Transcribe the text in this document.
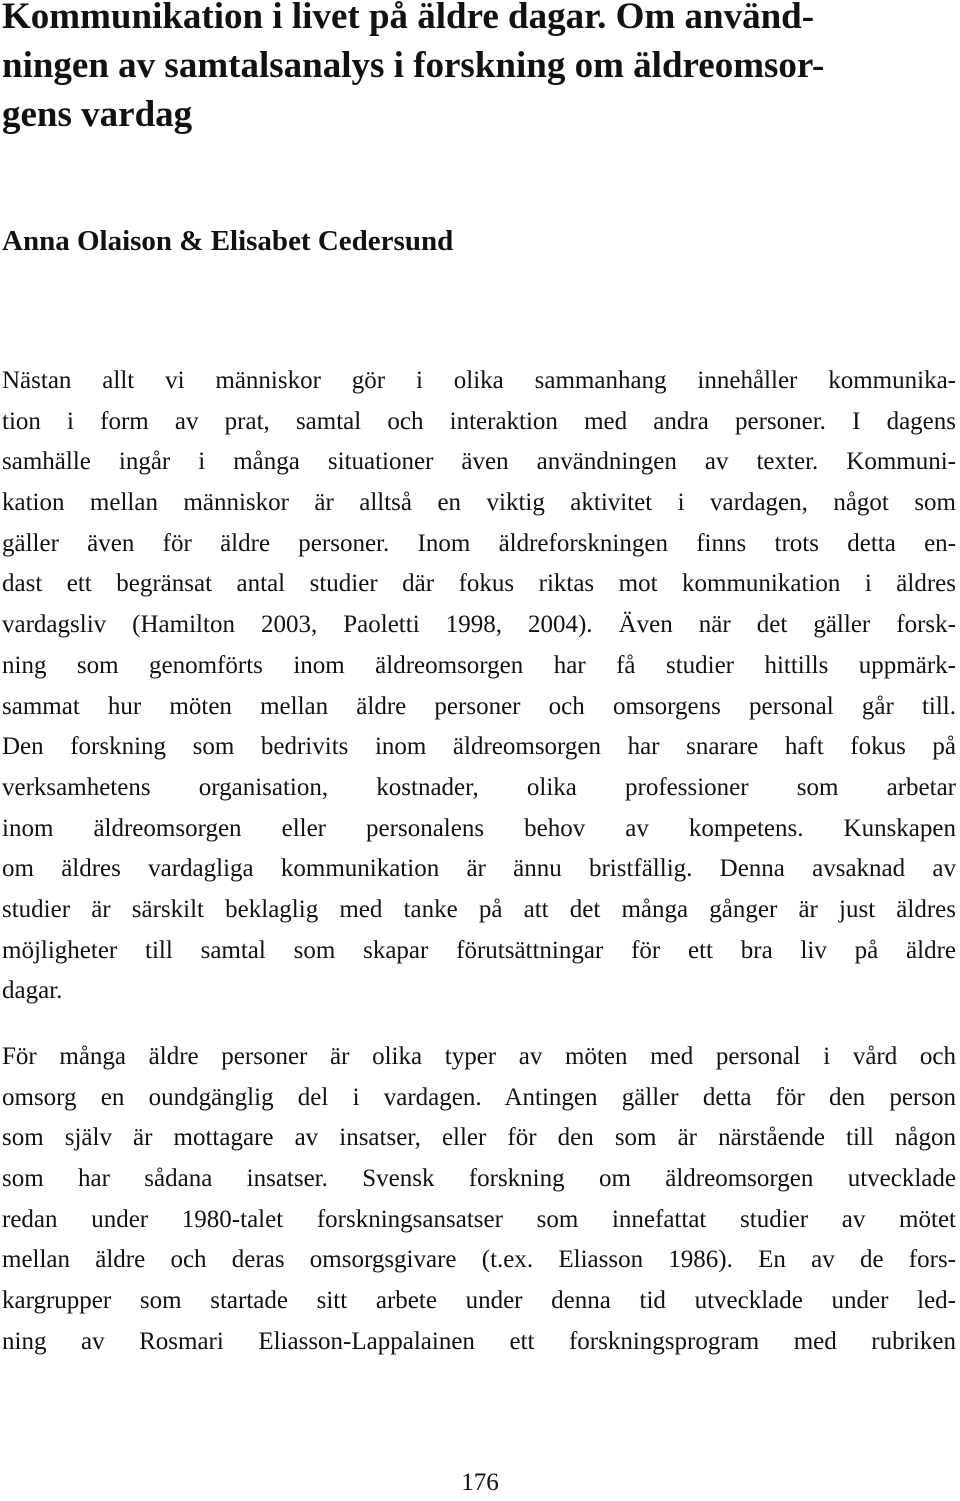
Kommunikation i livet på äldre dagar. Om använd-
ningen av samtalsanalys i forskning om äldreomsor-
gens vardag

Anna Olaison & Elisabet Cedersund

Nästan allt vi människor gör i olika sammanhang innehåller kommunika-
tion i form av prat, samtal och interaktion med andra personer. I dagens
samhälle ingår i många situationer även användningen av texter. Kommuni-
kation mellan människor är alltså en viktig aktivitet i vardagen, något som
gäller även för äldre personer. Inom äldreforskningen finns trots detta en-
dast ett begränsat antal studier där fokus riktas mot kommunikation i äldres
vardagsliv (Hamilton 2003, Paoletti 1998, 2004). Även när det gäller forsk-
ning som genomförts inom äldreomsorgen har få studier hittills uppmärk-
sammat hur möten mellan äldre personer och omsorgens personal går till.
Den forskning som bedrivits inom äldreomsorgen har snarare haft fokus på
verksamhetens organisation, kostnader, olika professioner som arbetar
inom äldreomsorgen eller personalens behov av kompetens. Kunskapen
om äldres vardagliga kommunikation är ännu bristfällig. Denna avsaknad av
studier är särskilt beklaglig med tanke på att det många gånger är just äldres
möjligheter till samtal som skapar förutsättningar för ett bra liv på äldre
dagar.
För många äldre personer är olika typer av möten med personal i vård och
omsorg en oundgänglig del i vardagen. Antingen gäller detta för den person
som själv är mottagare av insatser, eller för den som är närstående till någon
som har sådana insatser. Svensk forskning om äldreomsorgen utvecklade
redan under 1980-talet forskningsansatser som innefattat studier av mötet
mellan äldre och deras omsorgsgivare (t.ex. Eliasson 1986). En av de fors-
kargrupper som startade sitt arbete under denna tid utvecklade under led-
ning av Rosmari Eliasson-Lappalainen ett forskningsprogram med rubriken

176
